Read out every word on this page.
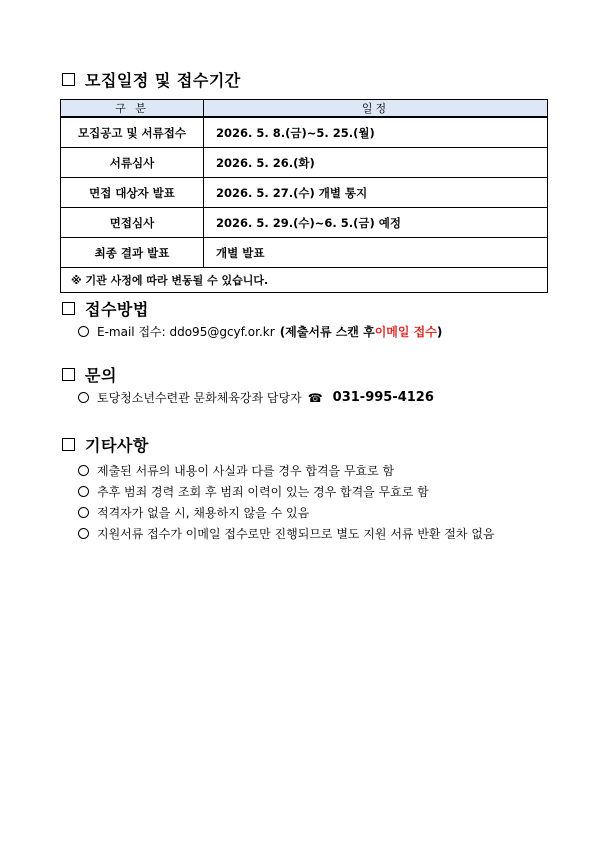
모집일정 및 접수기간
구 분	일정
모집공고 및 서류접수	2026. 5. 8.(금)~5. 25.(월)
서류심사	2026. 5. 26.(화)
면접 대상자 발표	2026. 5. 27.(수) 개별 통지
면접심사	2026. 5. 29.(수)~6. 5.(금) 예정
최종 결과 발표	개별 발표
※ 기관 사정에 따라 변동될 수 있습니다.	
접수방법
E-mail 접수: ddo95@gcyf.or.kr (제출서류 스캔 후 이메일 접수 )
문의
토당청소년수련관 문화체육강좌 담당자 ☎ 031-995-4126
기타사항
제출된 서류의 내용이 사실과 다를 경우 합격을 무효로 함
추후 범죄 경력 조회 후 범죄 이력이 있는 경우 합격을 무효로 함
적격자가 없을 시, 채용하지 않을 수 있음
지원서류 접수가 이메일 접수로만 진행되므로 별도 지원 서류 반환 절차 없음
